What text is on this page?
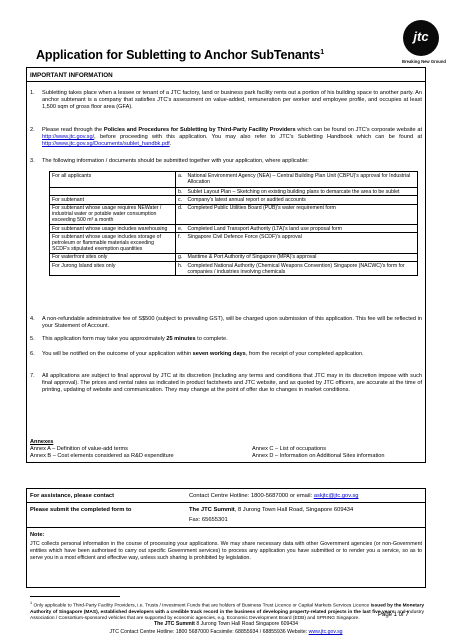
jtc
Breaking New Ground
Application for Subletting to Anchor SubTenants$^1$
IMPORTANT INFORMATION
1. Subletting takes place when a lessee or tenant of a JTC factory, land or business park facility rents out a portion of his building space to another party. An anchor subtenant is a company that satisfies JTC's assessment on value-added, remuneration per worker and employee profile, and occupies at least 1,500 sqm of gross floor area (GFA).
2. Please read through the Policies and Procedures for Subletting by Third-Party Facility Providers which can be found on JTC's corporate website at http://www.jtc.gov.sg/, before proceeding with this application. You may also refer to JTC's Subletting Handbook which can be found at http://www.jtc.gov.sg/Documents/sublet_handbk.pdf.
3. The following information / documents should be submitted together with your application, where applicable:
For all applicants	a.	National Environment Agency (NEA) – Central Building Plan Unit (CBPU)'s approval for Industrial Allocation
	b.	Sublet Layout Plan – Sketching on existing building plans to demarcate the area to be sublet
For subtenant	c.	Company's latest annual report or audited accounts
For subtenant whose usage requires NEWater / industrial water or potable water consumption exceeding 500 m³ a month	d.	Completed Public Utilities Board (PUB)'s water requirement form
For subtenant whose usage includes warehousing	e.	Completed Land Transport Authority (LTA)'s land use proposal form
For subtenant whose usage includes storage of petroleum or flammable materials exceeding SCDF's stipulated exemption quantities	f.	Singapore Civil Defence Force (SCDF)'s approval
For waterfront sites only	g.	Maritime & Port Authority of Singapore (MPA)'s approval
For Jurong Island sites only	h.	Completed National Authority (Chemical Weapons Convention) Singapore (NACWC)'s form for companies / industries involving chemicals
4. A non-refundable administrative fee of S$500 (subject to prevailing GST), will be charged upon submission of this application. This fee will be reflected in your Statement of Account.
5. This application form may take you approximately 25 minutes to complete.
6. You will be notified on the outcome of your application within seven working days, from the receipt of your completed application.
7. All applications are subject to final approval by JTC at its discretion (including any terms and conditions that JTC may in its discretion impose with such final approval). The prices and rental rates as indicated in product factsheets and JTC website, and as quoted by JTC officers, are accurate at the time of printing, updating of website and communication. They may change at the point of offer due to changes in market conditions.
Annexes
Annex A – Definition of value-add terms
Annex B – Cost elements considered as R&D expenditure
Annex C – List of occupations
Annex D – Information on Additional Sites information
For assistance, please contact	Contact Centre Hotline: 1800-5687000 or email: askjtc@jtc.gov.sg
Please submit the completed form to	The JTC Summit, 8 Jurong Town Hall Road, Singapore 609434
Fax: 65655301
Note:
JTC collects personal information in the course of processing your applications. We may share necessary data with other Government agencies (or non-Government entities which have been authorised to carry out specific Government services) to process any application you have submitted or to render you a service, so as to serve you in a most efficient and effective way, unless such sharing is prohibited by legislation.
$^1$ Only applicable to Third-Party Facility Providers, i.e. Trusts / Investment Funds that are holders of Business Trust Licence or Capital Markets Services Licence issued by the Monetary Authority of Singapore (MAS), established developers with a credible track record in the business of developing property-related projects in the last five years; and Industry Association / Consortium-sponsored vehicles that are supported by economic agencies, e.g. Economic Development Board (EDB) and SPRING Singapore.
Page 1 of 7
The JTC Summit 8 Jurong Town Hall Road Singapore 609434
JTC Contact Centre Hotline: 1800 5687000 Facsimile: 68855934 / 68855936 Website: www.jtc.gov.sg
